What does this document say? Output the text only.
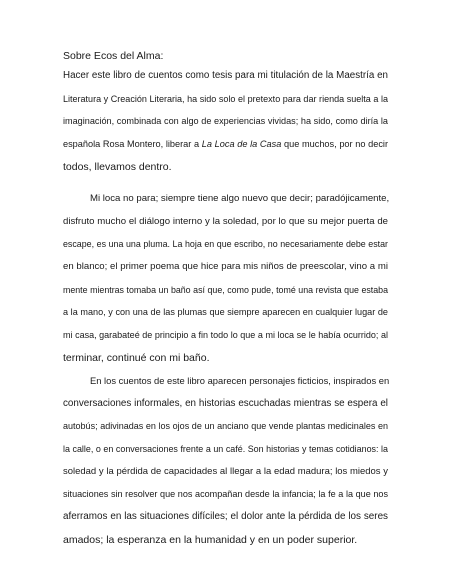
Sobre Ecos del Alma:
Hacer este libro de cuentos como tesis para mi titulación de la Maestría en
Literatura y Creación Literaria, ha sido solo el pretexto para dar rienda suelta a la
imaginación, combinada con algo de experiencias vividas; ha sido, como diría la
española Rosa Montero, liberar a La Loca de la Casa que muchos, por no decir
todos, llevamos dentro.
Mi loca no para; siempre tiene algo nuevo que decir; paradójicamente,
disfruto mucho el diálogo interno y la soledad, por lo que su mejor puerta de
escape, es una una pluma. La hoja en que escribo, no necesariamente debe estar
en blanco; el primer poema que hice para mis niños de preescolar, vino a mi
mente mientras tomaba un baño así que, como pude, tomé una revista que estaba
a la mano, y con una de las plumas que siempre aparecen en cualquier lugar de
mi casa, garabateé de principio a fin todo lo que a mi loca se le había ocurrido; al
terminar, continué con mi baño.
En los cuentos de este libro aparecen personajes ficticios, inspirados en
conversaciones informales, en historias escuchadas mientras se espera el
autobús; adivinadas en los ojos de un anciano que vende plantas medicinales en
la calle, o en conversaciones frente a un café. Son historias y temas cotidianos: la
soledad y la pérdida de capacidades al llegar a la edad madura; los miedos y
situaciones sin resolver que nos acompañan desde la infancia; la fe a la que nos
aferramos en las situaciones difíciles; el dolor ante la pérdida de los seres
amados; la esperanza en la humanidad y en un poder superior.
